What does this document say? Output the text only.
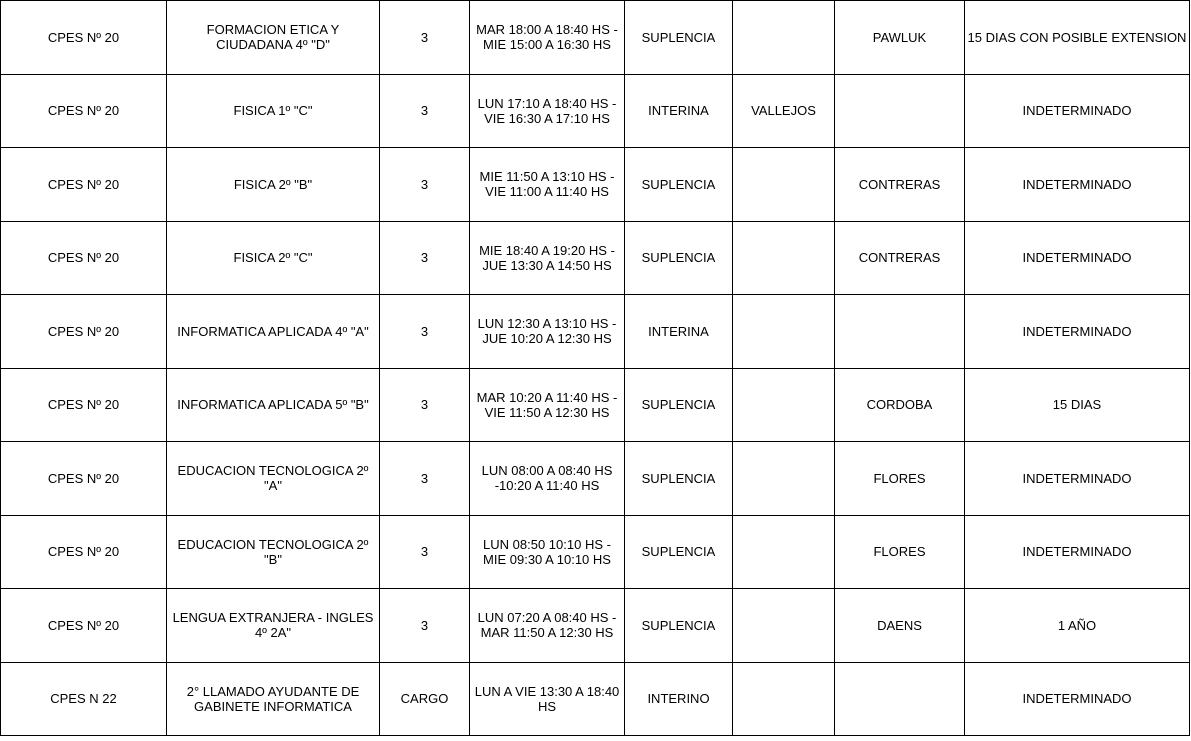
CPES Nº 20	FORMACION ETICA Y CIUDADANA 4º "D"	3	MAR 18:00 A 18:40 HS - MIE 15:00 A 16:30 HS	SUPLENCIA		PAWLUK	15 DIAS CON POSIBLE EXTENSION
CPES Nº 20	FISICA 1º "C"	3	LUN 17:10 A 18:40 HS - VIE 16:30 A 17:10 HS	INTERINA	VALLEJOS		INDETERMINADO
CPES Nº 20	FISICA 2º "B"	3	MIE 11:50 A 13:10 HS - VIE 11:00 A 11:40 HS	SUPLENCIA		CONTRERAS	INDETERMINADO
CPES Nº 20	FISICA 2º "C"	3	MIE 18:40 A 19:20 HS - JUE 13:30 A 14:50 HS	SUPLENCIA		CONTRERAS	INDETERMINADO
CPES Nº 20	INFORMATICA APLICADA 4º "A"	3	LUN 12:30 A 13:10 HS - JUE 10:20 A 12:30 HS	INTERINA			INDETERMINADO
CPES Nº 20	INFORMATICA APLICADA 5º "B"	3	MAR 10:20 A 11:40 HS - VIE 11:50 A 12:30 HS	SUPLENCIA		CORDOBA	15 DIAS
CPES Nº 20	EDUCACION TECNOLOGICA 2º "A"	3	LUN 08:00 A 08:40 HS -10:20 A 11:40 HS	SUPLENCIA		FLORES	INDETERMINADO
CPES Nº 20	EDUCACION TECNOLOGICA 2º "B"	3	LUN 08:50 10:10 HS - MIE 09:30 A 10:10 HS	SUPLENCIA		FLORES	INDETERMINADO
CPES Nº 20	LENGUA EXTRANJERA - INGLES 4º 2A"	3	LUN 07:20 A 08:40 HS - MAR 11:50 A 12:30 HS	SUPLENCIA		DAENS	1 AÑO
CPES N 22	2° LLAMADO AYUDANTE DE GABINETE INFORMATICA	CARGO	LUN A VIE 13:30 A 18:40 HS	INTERINO			INDETERMINADO
